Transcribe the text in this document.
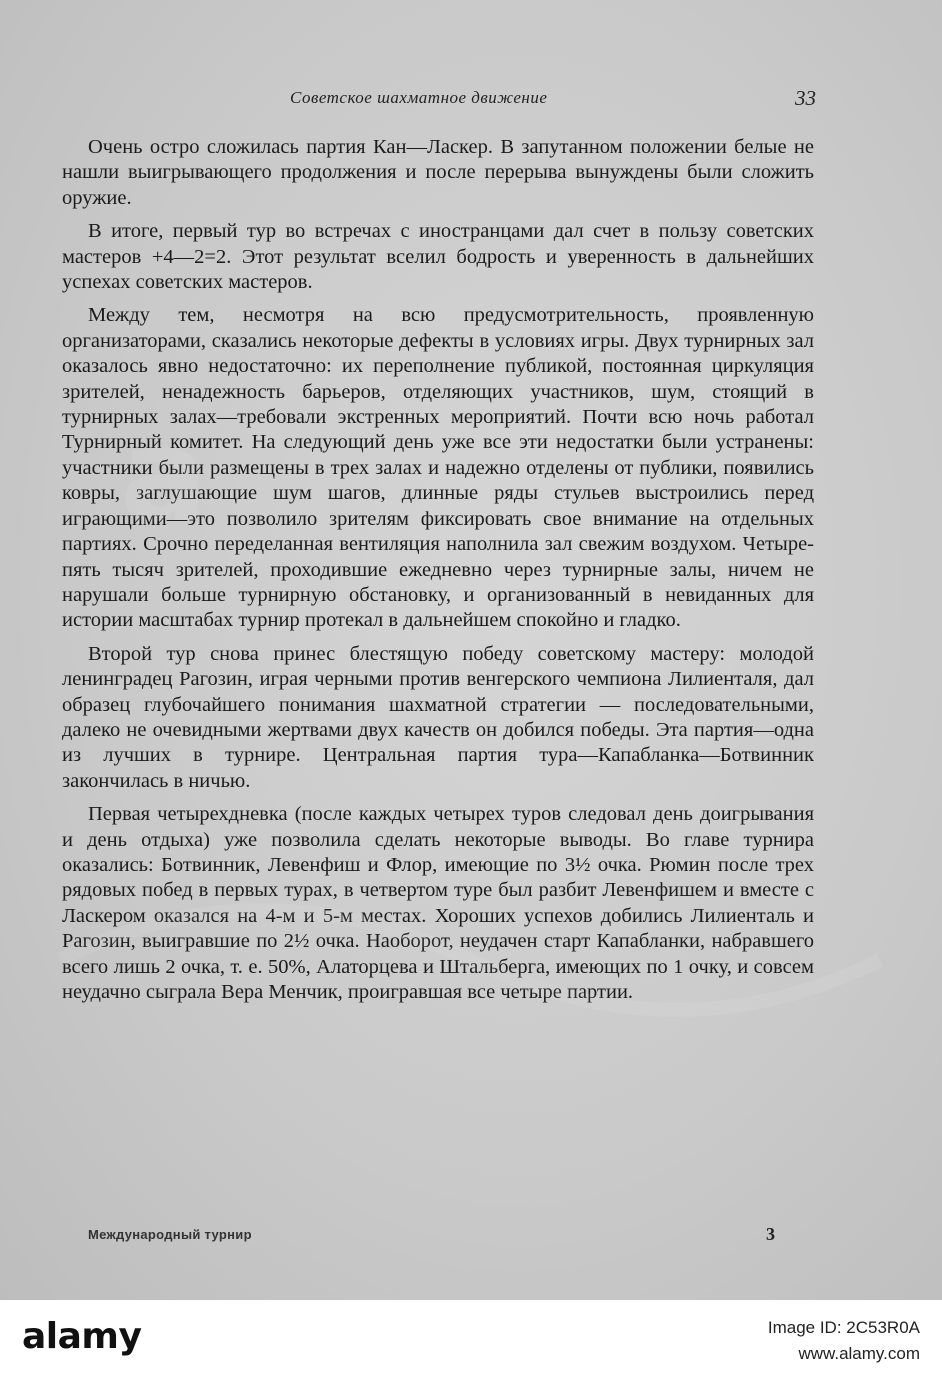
Советское шахматное движение	33

Очень остро сложилась партия Кан—Ласкер. В запутанном положении белые не нашли выигрывающего продолжения и после перерыва вынуждены были сложить оружие.

В итоге, первый тур во встречах с иностранцами дал счет в пользу советских мастеров +4—2=2. Этот результат вселил бодрость и уверенность в дальнейших успехах советских мастеров.

Между тем, несмотря на всю предусмотрительность, проявленную организаторами, сказались некоторые дефекты в условиях игры. Двух турнирных зал оказалось явно недостаточно: их переполнение публикой, постоянная циркуляция зрителей, ненадежность барьеров, отделяющих участников, шум, стоящий в турнирных залах—требовали экстренных мероприятий. Почти всю ночь работал Турнирный комитет. На следующий день уже все эти недостатки были устранены: участники были размещены в трех залах и надежно отделены от публики, появились ковры, заглушающие шум шагов, длинные ряды стульев выстроились перед играющими—это позволило зрителям фиксировать свое внимание на отдельных партиях. Срочно переделанная вентиляция наполнила зал свежим воздухом. Четыре-пять тысяч зрителей, проходившие ежедневно через турнирные залы, ничем не нарушали больше турнирную обстановку, и организованный в невиданных для истории масштабах турнир протекал в дальнейшем спокойно и гладко.

Второй тур снова принес блестящую победу советскому мастеру: молодой ленинградец Рагозин, играя черными против венгерского чемпиона Лилиенталя, дал образец глубочайшего понимания шахматной стратегии — последовательными, далеко не очевидными жертвами двух качеств он добился победы. Эта партия—одна из лучших в турнире. Центральная партия тура—Капабланка—Ботвинник закончилась в ничью.

Первая четырехдневка (после каждых четырех туров следовал день доигрывания и день отдыха) уже позволила сделать некоторые выводы. Во главе турнира оказались: Ботвинник, Левенфиш и Флор, имеющие по 3½ очка. Рюмин после трех рядовых побед в первых турах, в четвертом туре был разбит Левенфишем и вместе с Ласкером оказался на 4-м и 5-м местах. Хороших успехов добились Лилиенталь и Рагозин, выигравшие по 2½ очка. Наоборот, неудачен старт Капабланки, набравшего всего лишь 2 очка, т. е. 50%, Алаторцева и Штальберга, имеющих по 1 очку, и совсем неудачно сыграла Вера Менчик, проигравшая все четыре партии.

Международный турнир	3
a
alamy	Image ID: 2C53R0A
www.alamy.com
